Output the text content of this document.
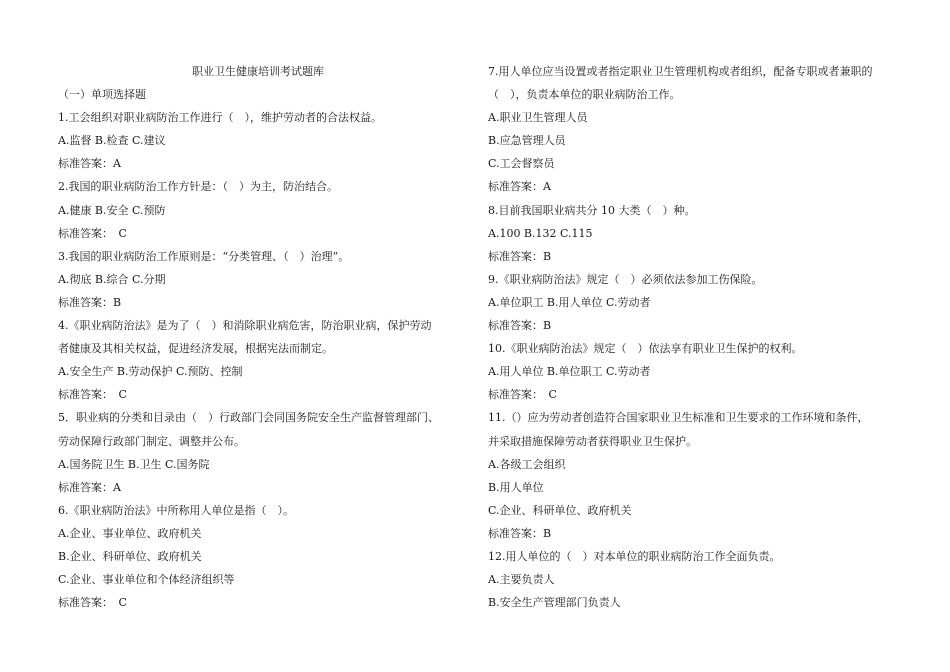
职业卫生健康培训考试题库
（一）单项选择题
1.工会组织对职业病防治工作进行（　），维护劳动者的合法权益。
A.监督 B.检查 C.建议
标准答案：A
2.我国的职业病防治工作方针是：（　）为主，防治结合。
A.健康 B.安全 C.预防
标准答案：　C
3.我国的职业病防治工作原则是：“分类管理、（　）治理”。
A.彻底 B.综合 C.分期
标准答案：B
4.《职业病防治法》是为了（　）和消除职业病危害，防治职业病，保护劳动
者健康及其相关权益，促进经济发展，根据宪法而制定。
A.安全生产 B.劳动保护 C.预防、控制
标准答案：　C
5．职业病的分类和目录由（　）行政部门会同国务院安全生产监督管理部门、
劳动保障行政部门制定、调整并公布。
A.国务院卫生 B.卫生 C.国务院
标准答案：A
6.《职业病防治法》中所称用人单位是指（　）。
A.企业、事业单位、政府机关
B.企业、科研单位、政府机关
C.企业、事业单位和个体经济组织等
标准答案：　C
7.用人单位应当设置或者指定职业卫生管理机构或者组织，配备专职或者兼职的
（　），负责本单位的职业病防治工作。
A.职业卫生管理人员
B.应急管理人员
C.工会督察员
标准答案：A
8.目前我国职业病共分 10 大类（　）种。
A.100 B.132 C.115
标准答案：B
9.《职业病防治法》规定（　）必须依法参加工伤保险。
A.单位职工 B.用人单位 C.劳动者
标准答案：B
10.《职业病防治法》规定（　）依法享有职业卫生保护的权利。
A.用人单位 B.单位职工 C.劳动者
标准答案：　C
11.（）应为劳动者创造符合国家职业卫生标准和卫生要求的工作环境和条件，
并采取措施保障劳动者获得职业卫生保护。
A.各级工会组织
B.用人单位
C.企业、科研单位、政府机关
标准答案：B
12.用人单位的（　）对本单位的职业病防治工作全面负责。
A.主要负责人
B.安全生产管理部门负责人
